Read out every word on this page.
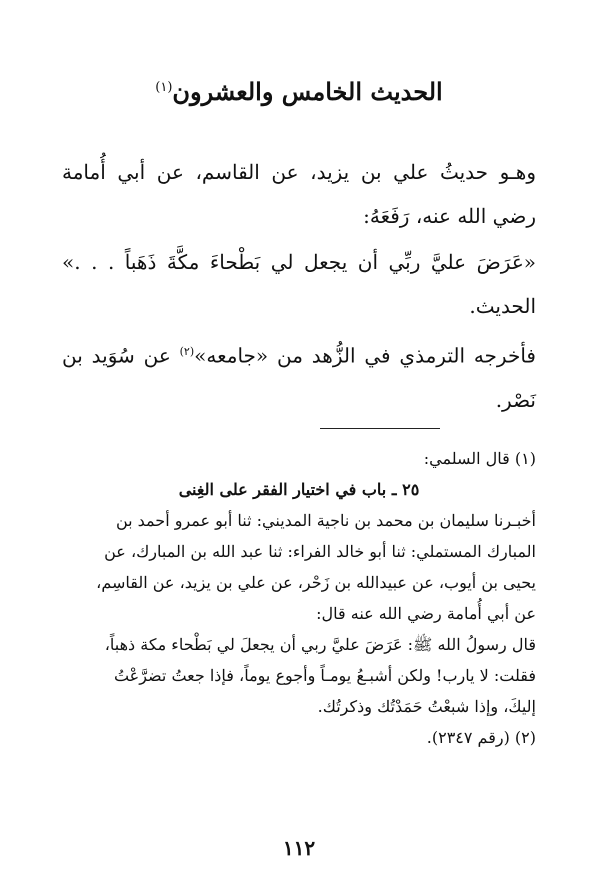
الحديث الخامس والعشرون$^{(١)}$

وهـو حديثُ علي بن يزيد، عن القاسم، عن أبي أُمامة رضي الله عنه، رَفَعَهُ:

«عَرَضَ عليَّ ربِّي أن يجعل لي بَطْحاءَ مكَّةَ ذَهَباً . . .» الحديث.

فأخرجه الترمذي في الزُّهد من «جامعه»$^{(٢)}$ عن سُوَيد بن نَصْر.

(١) قال السلمي:

٢٥ ـ باب في اختيار الفقر على الغِنى

أخبـرنا سليمان بن محمد بن ناجية المديني: ثنا أبو عمرو أحمد بن

المبارك المستملي: ثنا أبو خالد الفراء: ثنا عبد الله بن المبارك، عن

يحيى بن أيوب، عن عبيدالله بن زَحْر، عن علي بن يزيد، عن القاسِم،

عن أبي أُمامة رضي الله عنه قال:

قال رسولُ الله ﷺ: عَرَضَ عليَّ ربي أن يجعلَ لي بَطْحاء مكة ذهباً،

فقلت: لا يارب! ولكن أشبـعُ يومـاً وأجوع يوماً، فإذا جعتُ تضرَّعْتُ

إليكَ، وإذا شبعْتُ حَمَدْتُك وذكرتُك.

(٢) (رقم ٢٣٤٧).

١١٢
